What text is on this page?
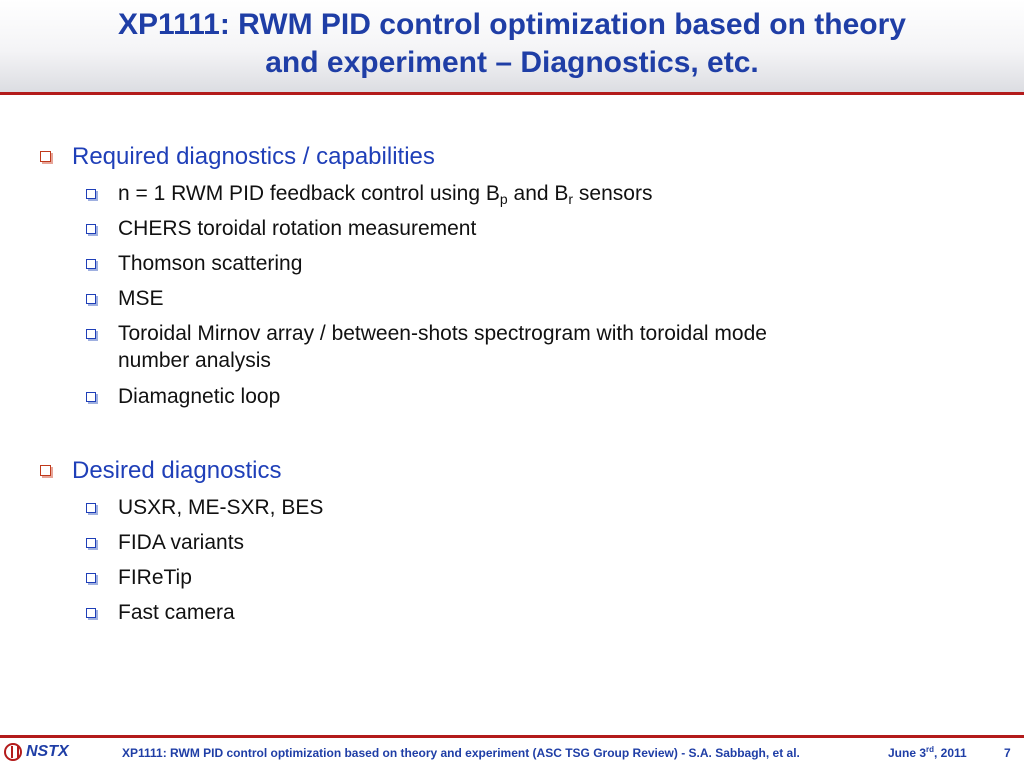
XP1111: RWM PID control optimization based on theory
and experiment – Diagnostics, etc.
Required diagnostics / capabilities
n = 1 RWM PID feedback control using $B_p$ and $B_r$ sensors
CHERS toroidal rotation measurement
Thomson scattering
MSE
Toroidal Mirnov array / between-shots spectrogram with toroidal mode
number analysis
Diamagnetic loop
Desired diagnostics
USXR, ME-SXR, BES
FIDA variants
FIReTip
Fast camera
NSTX	XP1111: RWM PID control optimization based on theory and experiment (ASC TSG Group Review) - S.A. Sabbagh, et al.	June 3rd, 2011	7
